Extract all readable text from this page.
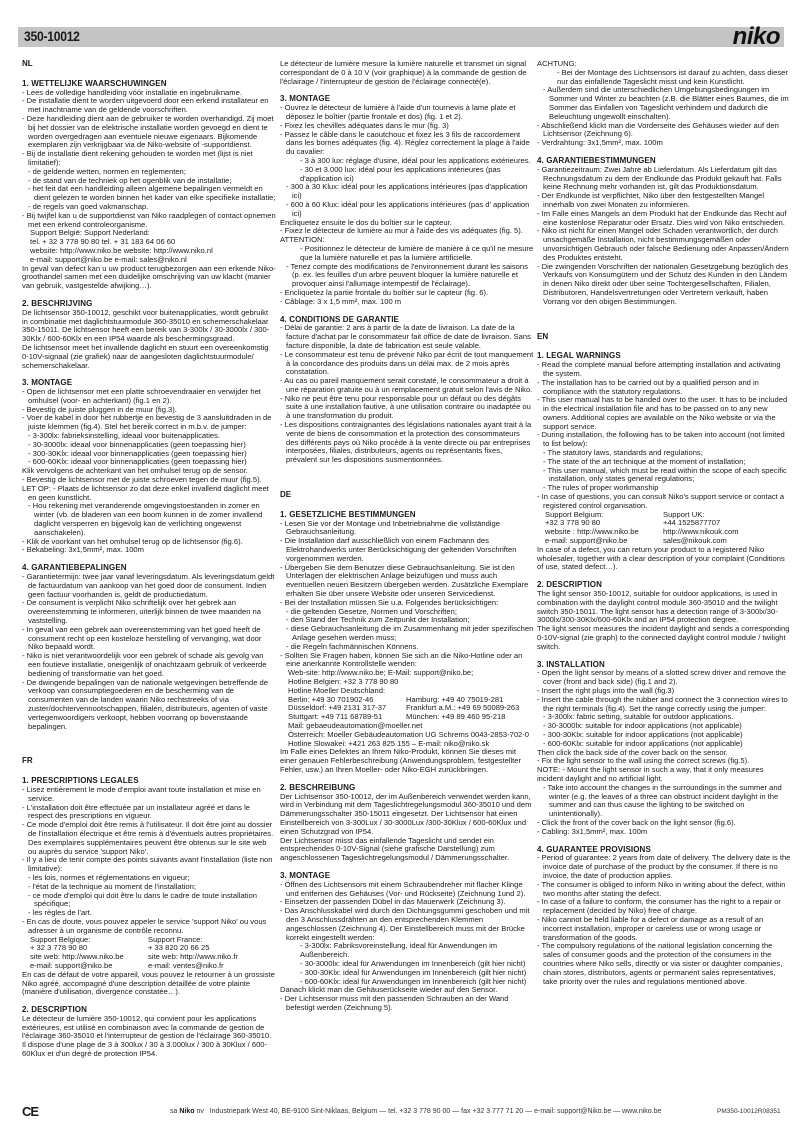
350-10012	niko

NL

1. WETTELIJKE WAARSCHUWINGEN

- Lees de volledige handleiding vóór installatie en ingebruikname.

- De installatie dient te worden uitgevoerd door een erkend installateur en met inachtname van de geldende voorschriften.

- Deze handleiding dient aan de gebruiker te worden overhandigd. Zij moet bij het dossier van de elektrische installatie worden gevoegd en dient te worden overgedragen aan eventuele nieuwe eigenaars. Bijkomende exemplaren zijn verkrijgbaar via de Niko-website of -supportdienst.

- Bij de installatie dient rekening gehouden te worden met (lijst is niet limitatief):

- de geldende wetten, normen en reglementen;

- de stand van de techniek op het ogenblik van de installatie;

- het feit dat een handleiding alleen algemene bepalingen vermeldt en dient gelezen te worden binnen het kader van elke specifieke installatie;

- de regels van goed vakmanschap.

- Bij twijfel kan u de supportdienst van Niko raadplegen of contact opnemen met een erkend controleorganisme.

Support België: Support Nederland:

tel. + 32 3 778 90 80 tel. + 31 183 64 06 60

website: http://www.niko.be website: http://www.niko.nl

e-mail: support@niko.be e-mail: sales@niko.nl

In geval van defect kan u uw product terugbezorgen aan een erkende Niko-groothandel samen met een duidelijke omschrijving van uw klacht (manier van gebruik, vastgestelde afwijking…).

2. BESCHRIJVING

De lichtsensor 350-10012, geschikt voor buitenapplicaties, wordt gebruikt in combinatie met daglichtstuurmodule 360-35010 en schemerschakelaar 350-15011. De lichtsensor heeft een bereik van 3-300lx / 30-3000lx / 300-30Klx / 600-60Klx en een IP54 waarde als beschermingsgraad.

De lichtsensor meet het invallende daglicht en stuurt een overeenkomstig 0-10V-signaal (zie grafiek) naar de aangesloten daglichtstuurmodule/ schemerschakelaar.

3. MONTAGE

- Open de lichtsensor met een platte schroevendraaier en verwijder het omhulsel (voor- en achterkant) (fig.1 en 2).

- Bevestig de juiste pluggen in de muur (fig.3).

- Voer de kabel in door het rubbertje en bevestig de 3 aansluitdraden in de juiste klemmen (fig.4). Stel het bereik correct in m.b.v. de jumper:

- 3-300lx: fabrieksinstelling, ideaal voor buitenapplicaties.

- 30-3000lx: ideaal voor binnenapplicaties (geen toepassing hier)

- 300-30Klx: ideaal voor binnenapplicaties (geen toepassing hier)

- 600-60Klx: ideaal voor binnenapplicaties (geen toepassing hier)

Klik vervolgens de achterkant van het omhulsel terug op de sensor.

- Bevestig de lichtsensor met de juiste schroeven tegen de muur (fig.5).

LET OP: - Plaats de lichtsensor zo dat deze enkel invallend daglicht meet en geen kunstlicht.

- Hou rekening met veranderende omgevingstoestanden in zomer en winter (vb. de bladeren van een boom kunnen in de zomer invallend daglicht versperren en bijgevolg kan de verlichting ongewenst aanschakelen).

- Klik de voorkant van het omhulsel terug op de lichtsensor (fig.6).

- Bekabeling: 3x1,5mm², max. 100m

4. GARANTIEBEPALINGEN

- Garantietermijn: twee jaar vanaf leveringsdatum. Als leveringsdatum geldt de factuurdatum van aankoop van het goed door de consument. Indien geen factuur voorhanden is, geldt de productiedatum.

- De consument is verplicht Niko schriftelijk over het gebrek aan overeenstemming te informeren, uiterlijk binnen de twee maanden na vaststelling.

- In geval van een gebrek aan overeenstemming van het goed heeft de consument recht op een kosteloze herstelling of vervanging, wat door Niko bepaald wordt.

- Niko is niet verantwoordelijk voor een gebrek of schade als gevolg van een foutieve installatie, oneigenlijk of onachtzaam gebruik of verkeerde bediening of transformatie van het goed.

- De dwingende bepalingen van de nationale wetgevingen betreffende de verkoop van consumptiegoederen en de bescherming van de consumenten van de landen waarin Niko rechtstreeks of via zuster/dochtervennootschappen, filialen, distributeurs, agenten of vaste vertegenwoordigers verkoopt, hebben voorrang op bovenstaande bepalingen.

FR

1. PRESCRIPTIONS LEGALES

- Lisez entièrement le mode d'emploi avant toute installation et mise en service.

- L'installation doit être effectuée par un installateur agréé et dans le respect des prescriptions en vigueur.

- Ce mode d'emploi doit être remis à l'utilisateur. Il doit être joint au dossier de l'installation électrique et être remis à d'éventuels autres propriétaires. Des exemplaires supplémentaires peuvent être obtenus sur le site web ou auprès du service 'support Niko'.

- Il y a lieu de tenir compte des points suivants avant l'installation (liste non limitative):

- les lois, normes et réglementations en vigueur;

- l'état de la technique au moment de l'installation;

- ce mode d'emploi qui doit être lu dans le cadre de toute installation spécifique;

- les règles de l'art.

- En cas de doute, vous pouvez appeler le service 'support Niko' ou vous adresser à un organisme de contrôle reconnu.

Support Belgique:	Support France:
+ 32 3 778 90 80	+ 33 820 20 66 25
site web: http://www.niko.be	site web: http://www.niko.fr
e-mail: support@niko.be	e-mail: ventes@niko.fr

En cas de défaut de votre appareil, vous pouvez le retourner à un grossiste Niko agréé, accompagné d'une description détaillée de votre plainte (manière d'utilisation, divergence constatée…).

2. DESCRIPTION

Le détecteur de lumière 350-10012, qui convient pour les applications extérieures, est utilisé en combinaison avec la commande de gestion de l'éclairage 360-35010 et l'interrupteur de gestion de l'éclairage 360-35010. Il dispose d'une plage de 3 à 300lux / 30 à 3.000lux / 300 à 30Klux / 600-60Klux et d'un degré de protection IP54.

Le détecteur de lumière mesure la lumière naturelle et transmet un signal correspondant de 0 à 10 V (voir graphique) à la commande de gestion de l'éclairage / l'interrupteur de gestion de l'éclairage connecté(e).

3. MONTAGE

- Ouvrez le détecteur de lumière à l'aide d'un tournevis à lame plate et déposez le boîtier (partie frontale et dos) (fig. 1 et 2).

- Fixez les chevilles adéquates dans le mur (fig. 3)

- Passez le câble dans le caoutchouc et fixez les 3 fils de raccordement dans les bornes adéquates (fig. 4). Réglez correctement la plage à l'aide du cavalier:

- 3 à 300 lux: réglage d'usine, idéal pour les applications extérieures.

- 30 et 3.000 lux: idéal pour les applications intérieures (pas d'application ici)

- 300 à 30 Klux: idéal pour les applications intérieures (pas d'application ici)

- 600 à 60 Klux: idéal pour les applications intérieures (pas d' application ici)

Encliquetez ensuite le dos du boîtier sur le capteur.

- Fixez le détecteur de lumière au mur à l'aide des vis adéquates (fig. 5).

ATTENTION:

- Positionnez le détecteur de lumière de manière à ce qu'il ne mesure que la lumière naturelle et pas la lumière artificielle.

- Tenez compte des modifications de l'environnement durant les saisons (p. ex. les feuilles d'un arbre peuvent bloquer la lumière naturelle et provoquer ainsi l'allumage intempestif de l'éclairage).

- Encliquetez la partie frontale du boîtier sur le capteur (fig. 6).

- Câblage: 3 x 1,5 mm², max. 100 m

4. CONDITIONS DE GARANTIE

- Délai de garantie: 2 ans à partir de la date de livraison. La date de la facture d'achat par le consommateur fait office de date de livraison. Sans facture disponible, la date de fabrication est seule valable.

- Le consommateur est tenu de prévenir Niko par écrit de tout manquement à la concordance des produits dans un délai max. de 2 mois après constatation.

- Au cas ou pareil manquement serait constaté, le consommateur a droit à une réparation gratuite ou à un remplacement gratuit selon l'avis de Niko.

- Niko ne peut être tenu pour responsable pour un défaut ou des dégâts suite à une installation fautive, à une utilisation contraire ou inadaptée ou à une transformation du produit.

- Les dispositions contraignantes des législations nationales ayant trait à la vente de biens de consommation et la protection des consommateurs des différents pays où Niko procède à la vente directe ou par entreprises interposées, filiales, distributeurs, agents ou représentants fixes, prévalent sur les dispositions susmentionnées.

DE

1. GESETZLICHE BESTIMMUNGEN

- Lesen Sie vor der Montage und Inbetriebnahme die vollständige Gebrauchsanleitung.

- Die Installation darf ausschließlich von einem Fachmann des Elektrohandwerks unter Berücksichtigung der geltenden Vorschriften vorgenommen werden.

- Übergeben Sie dem Benutzer diese Gebrauchsanleitung. Sie ist den Unterlagen der elektrischen Anlage beizufügen und muss auch eventuellen neuen Besitzern übergeben werden. Zusätzliche Exemplare erhalten Sie über unsere Website oder unseren Servicedienst.

- Bei der Installation müssen Sie u.a. Folgendes berücksichtigen:

- die geltenden Gesetze, Normen und Vorschriften;

- den Stand der Technik zum Zeitpunkt der Installation;

- diese Gebrauchsanleitung die im Zusammenhang mit jeder spezifischen Anlage gesehen werden muss;

- die Regeln fachmännischen Könnens.

- Sollten Sie Fragen haben, können Sie sich an die Niko-Hotline oder an eine anerkannte Kontrollstelle wenden:

Web-site: http://www.niko.be; E-Mail: support@niko.be;

Hotline Belgien: +32 3 778 90 80

Hotline Moeller Deutschland:

Berlin: +49 30 701902-46	Hamburg: +49 40 75019-281
Düsseldorf: +49 2131 317-37	Frankfurt a.M.: +49 69 50089-263
Stuttgart: +49 711 68789-51	München: +49 89 460 95-218

Mail: gebaeudeautomation@moeller.net

Österreich: Moeller Gebäudeautomation UG Schrems 0043-2853-702-0

Hotline Slowakei: +421 263 825 155 – E-mail: niko@niko.sk

Im Falle eines Defektes an Ihrem Niko-Produkt, können Sie dieses mit einer genauen Fehlerbeschreibung (Anwendungsproblem, festgestellter Fehler, usw.) an Ihren Moeller- oder Niko-EGH zurückbringen.

2. BESCHREIBUNG

Der Lichtsensor 350-10012, der im Außenbereich verwendet werden kann, wird in Verbindung mit dem Tageslichtregelungsmodul 360-35010 und dem Dämmerungsschalter 350-15011 eingesetzt. Der Lichtsensor hat einen Einstellbereich von 3-300Lux / 30-3000Lux /300-30Klux / 600-60Klux und einen Schutzgrad von IP54.

Der Lichtsensor misst das einfallende Tageslicht und sendet ein entsprechendes 0-10V-Signal (siehe grafische Darstellung) zum angeschlossenen Tageslichtregelungsmodul / Dämmerungsschalter.

3. MONTAGE

- Öffnen des Lichtsensors mit einem Schraubendreher mit flacher Klinge und entfernen des Gehäuses (Vor- und Rückseite) (Zeichnung 1und 2).

- Einsetzen der passenden Dübel in das Mauerwerk (Zeichnung 3).

- Das Anschlusskabel wird durch den Dichtungsgummi geschoben und mit den 3 Anschlussdrähten an den entsprechenden Klemmen angeschlossen (Zeichnung 4). Der Einstellbereich muss mit der Brücke korrekt eingestellt werden:

- 3-300lx: Fabriksvoreinstellung, ideal für Anwendungen im Außenbereich.

- 30-3000lx: ideal für Anwendungen im Innenbereich (gilt hier nicht)

- 300-30Klx: ideal für Anwendungen im Innenbereich (gilt hier nicht)

- 600-60Klx: ideal für Anwendungen im Innenbereich (gilt hier nicht)

Danach klickt man die Gehäuserückseite wieder auf den Sensor.

- Der Lichtsensor muss mit den passenden Schrauben an der Wand befestigt werden (Zeichnung 5).

ACHTUNG:

- Bei der Montage des Lichtsensors ist darauf zu achten, dass dieser nur das einfallende Tageslicht misst und kein Kunstlicht.

- Außerdem sind die unterschiedlichen Umgebungsbedingungen im Sommer und Winter zu beachten (z.B. die Blätter eines Baumes, die im Sommer das Einfallen von Tageslicht verhindern und dadurch die Beleuchtung ungewollt einschalten).

- Abschließend klickt man die Vorderseite des Gehäuses wieder auf den Lichtsensor (Zeichnung 6).

- Verdrahtung: 3x1,5mm², max. 100m

4. GARANTIEBESTIMMUNGEN

- Garantiezeitraum: Zwei Jahre ab Lieferdatum. Als Lieferdatum gilt das Rechnungsdatum zu dem der Endkunde das Produkt gekauft hat. Falls keine Rechnung mehr vorhanden ist, gilt das Produktionsdatum.

- Der Endkunde ist verpflichtet, Niko über den festgestellten Mangel innerhalb von zwei Monaten zu informieren.

- Im Falle eines Mangels an dem Produkt hat der Endkunde das Recht auf eine kostenlose Reparatur oder Ersatz. Dies wird von Niko entschieden.

- Niko ist nicht für einen Mangel oder Schaden verantwortlich, der durch unsachgemäße Installation, nicht bestimmungsgemäßen oder unvorsichtigen Gebrauch oder falsche Bedienung oder Anpassen/Ändern des Produktes entsteht.

- Die zwingenden Vorschriften der nationalen Gesetzgebung bezüglich des Verkaufs von Konsumgütern und der Schutz des Kunden in den Ländern in denen Niko direkt oder über seine Tochtergesellschaften, Filialen, Distributoren, Handelsvertretungen oder Vertretern verkauft, haben Vorrang vor den obigen Bestimmungen.

EN

1. LEGAL WARNINGS

- Read the complete manual before attempting installation and activating the system.

- The installation has to be carried out by a qualified person and in compliance with the statutory regulations.

- This user manual has to be handed over to the user. It has to be included in the electrical installation file and has to be passed on to any new owners. Additional copies are available on the Niko website or via the support service.

- During installation, the following has to be taken into account (not limited to list below):

- The statutory laws, standards and regulations;

- The state of the art technique at the moment of installation;

- This user manual, which must be read within the scope of each specific installation, only states general regulations;

- The rules of proper workmanship

- In case of questions, you can consult Niko's support service or contact a registered control organisation.

Support Belgium:	Support UK:
+32 3 778 90 80	+44 1525877707
website : http://www.niko.be	http://www.nikouk.com
e-mail: support@niko.be	sales@nikouk.com

In case of a defect, you can return your product to a registered Niko wholesaler, together with a clear description of your complaint (Conditions of use, stated defect…).

2. DESCRIPTION

The light sensor 350-10012, suitable for outdoor applications, is used in combination with the daylight control module 360-35010 and the twilight switch 350-15011. The light sensor has a detection range of 3-300lx/30-3000lx/300-30Klx/600-60Klx and an IP54 protection degree.

The light sensor measures the incident daylight and sends a corresponding 0-10V-signal (zie graph) to the connected daylight control module / twilight switch.

3. INSTALLATION

- Open the light sensor by means of a slotted screw driver and remove the cover (front and back side) (fig.1 and 2).

- Insert the right plugs into the wall (fig.3)

- Insert the cable through the rubber and connect the 3 connection wires to the right terminals (fig.4). Set the range correctly using the jumper:

- 3-300lx: fabric setting, suitable for outdoor applications.

- 30-3000lx: suitable for indoor applications (not applicable)

- 300-30Klx: suitable for indoor applications (not applicable)

- 600-60Klx: suitable for indoor applications (not applicable)

Then click the back side of the cover back on the sensor.

- Fix the light sensor to the wall using the correct screws (fig.5).

NOTE: - Mount the light sensor in such a way, that it only measures incident daylight and no artificial light.

- Take into account the changes in the surroundings in the summer and winter (e.g. the leaves of a three can obstruct incident daylight in the summer and can thus cause the lighting to be switched on unintentionally).

- Click the front of the cover back on the light sensor (fig.6).

- Cabling: 3x1,5mm², max. 100m

4. GUARANTEE PROVISIONS

- Period of guarantee: 2 years from date of delivery. The delivery date is the invoice date of purchase of the product by the consumer. If there is no invoice, the date of production applies.

- The consumer is obliged to inform Niko in writing about the defect, within two months after stating the defect.

- In case of a failure to conform, the consumer has the right to a repair or replacement (decided by Niko) free of charge.

- Niko cannot be held liable for a defect or damage as a result of an incorrect installation, improper or careless use or wrong usage or transformation of the goods.

- The compulsory regulations of the national legislation concerning the sales of consumer goods and the protection of the consumers in the countries where Niko sells, directly or via sister or daughter companies, chain stores, distributors, agents or permanent sales representatives, take priority over the rules and regulations mentioned above.

CE	sa Niko nv Industriepark West 40, BE-9100 Sint-Niklaas, Belgium — tel. +32 3 778 90 00 — fax +32 3 777 71 20 — e-mail: support@Niko.be — www.niko.be	PM350-10012R08351
